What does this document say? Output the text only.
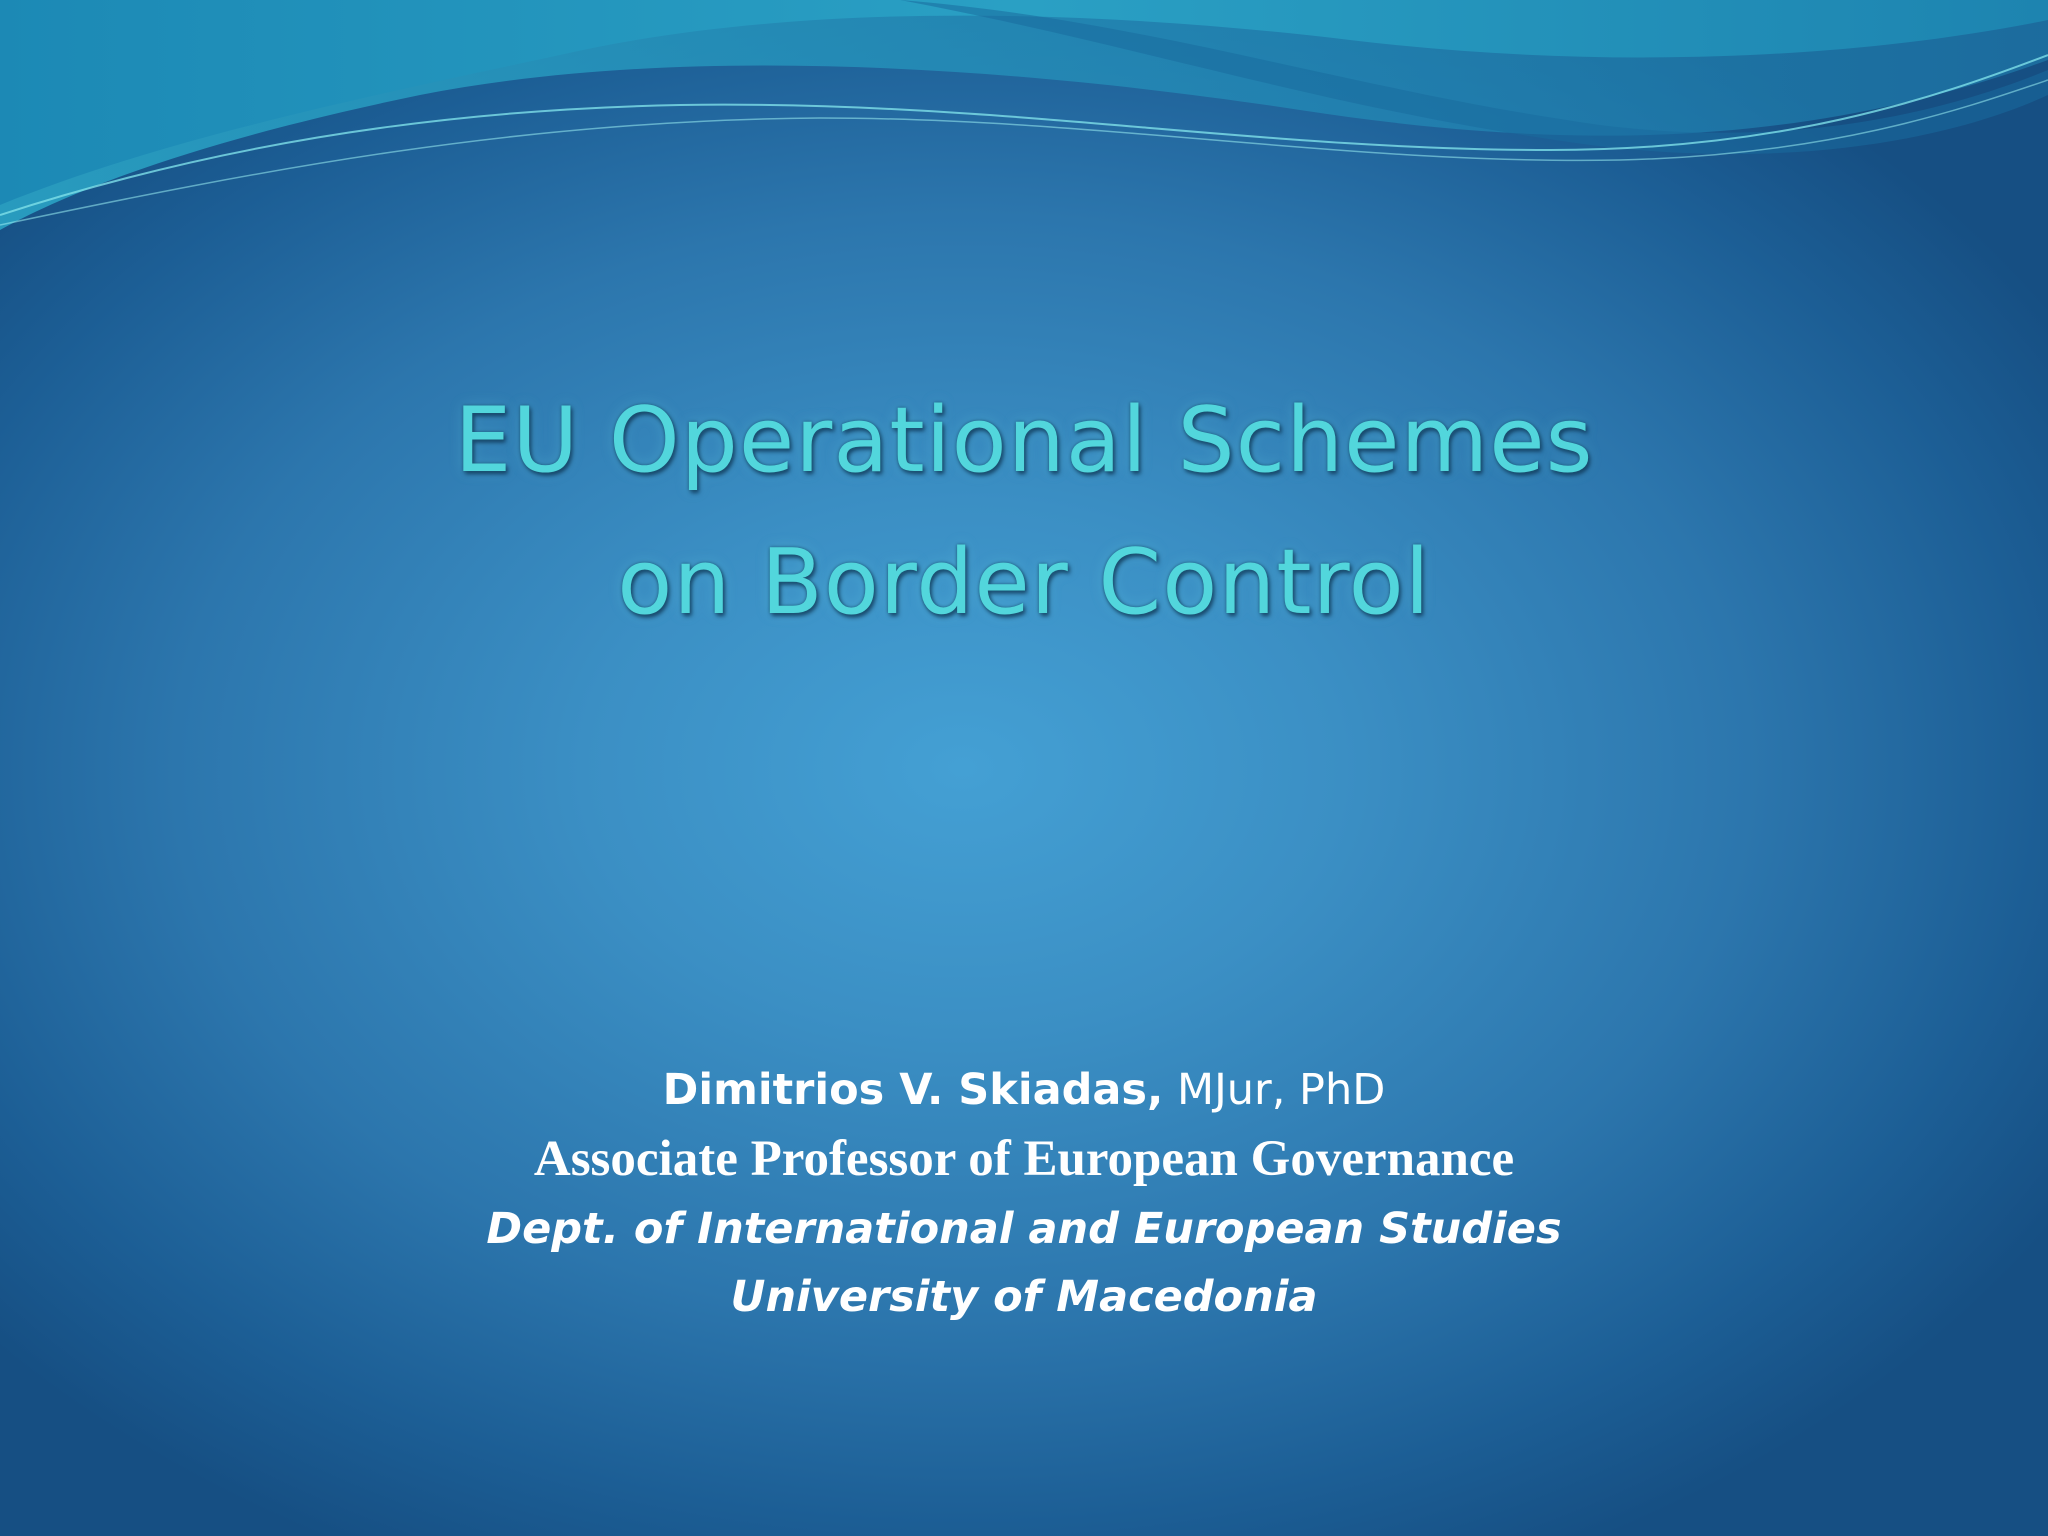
EU Operational Schemes
on Border Control
Dimitrios V. Skiadas, MJur, PhD
Associate Professor of European Governance
Dept. of International and European Studies
University of Macedonia
